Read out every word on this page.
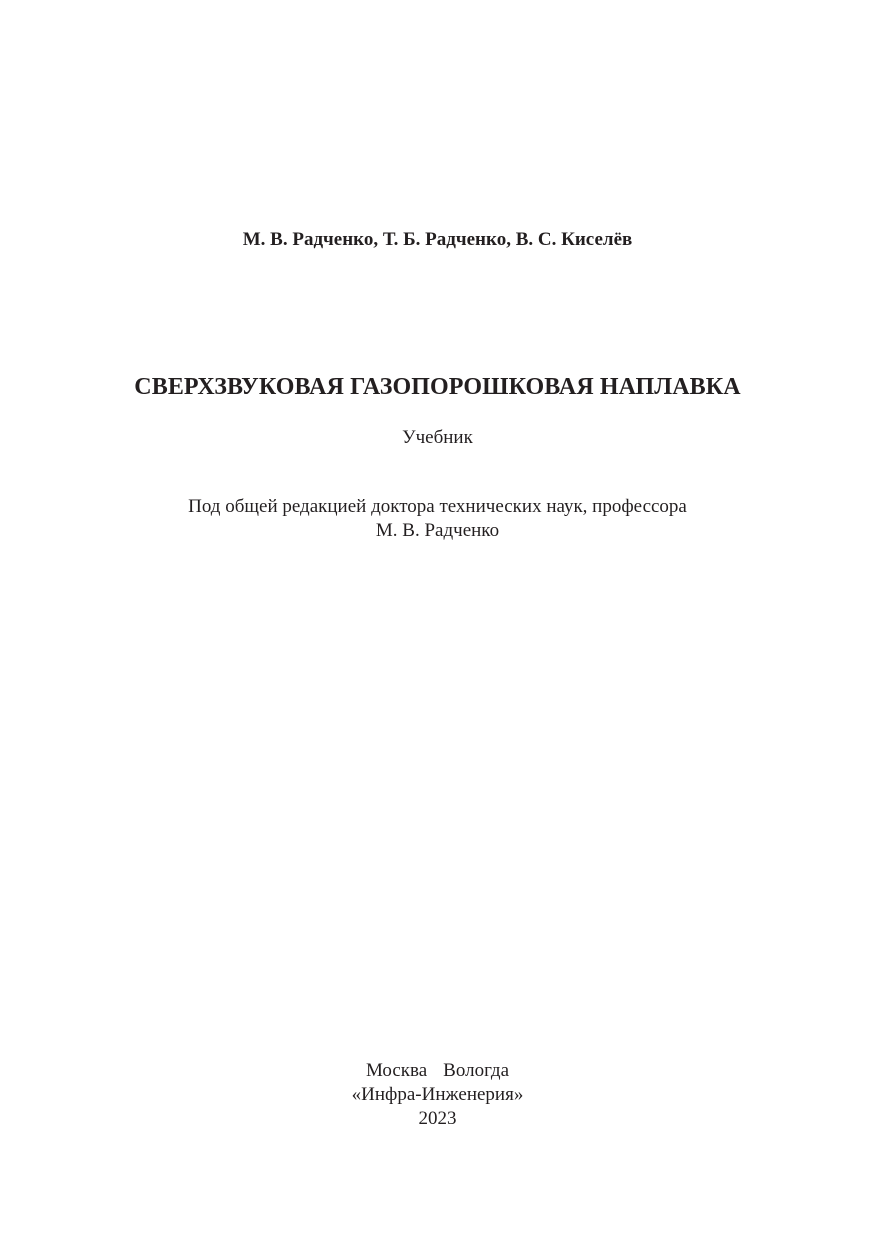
М. В. Радченко, Т. Б. Радченко, В. С. Киселёв
СВЕРХЗВУКОВАЯ ГАЗОПОРОШКОВАЯ НАПЛАВКА
Учебник
Под общей редакцией доктора технических наук, профессора
М. В. Радченко
Москва Вологда
«Инфра-Инженерия»
2023
